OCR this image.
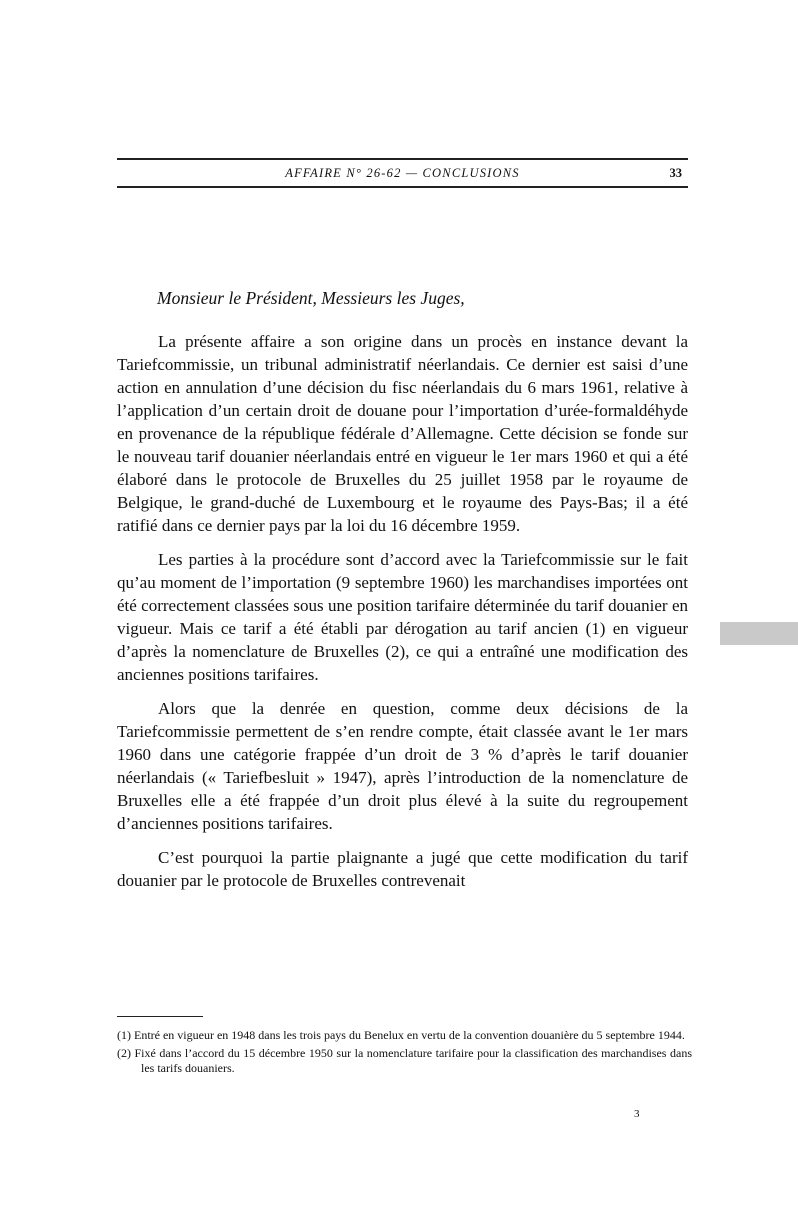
AFFAIRE N° 26-62 — CONCLUSIONS	33
Monsieur le Président, Messieurs les Juges,

La présente affaire a son origine dans un procès en instance devant la Tariefcommissie, un tribunal administratif néerlandais. Ce dernier est saisi d’une action en annulation d’une décision du fisc néerlandais du 6 mars 1961, relative à l’application d’un certain droit de douane pour l’importation d’urée-formaldéhyde en provenance de la république fédérale d’Allemagne. Cette décision se fonde sur le nouveau tarif douanier néerlandais entré en vigueur le 1er mars 1960 et qui a été élaboré dans le protocole de Bruxelles du 25 juillet 1958 par le royaume de Belgique, le grand-duché de Luxembourg et le royaume des Pays-Bas; il a été ratifié dans ce dernier pays par la loi du 16 décembre 1959.

Les parties à la procédure sont d’accord avec la Tariefcommissie sur le fait qu’au moment de l’importation (9 septembre 1960) les marchandises importées ont été correctement classées sous une position tarifaire déterminée du tarif douanier en vigueur. Mais ce tarif a été établi par dérogation au tarif ancien (1) en vigueur d’après la nomenclature de Bruxelles (2), ce qui a entraîné une modification des anciennes positions tarifaires.

Alors que la denrée en question, comme deux décisions de la Tariefcommissie permettent de s’en rendre compte, était classée avant le 1er mars 1960 dans une catégorie frappée d’un droit de 3 % d’après le tarif douanier néerlandais (« Tariefbesluit » 1947), après l’introduction de la nomenclature de Bruxelles elle a été frappée d’un droit plus élevé à la suite du regroupement d’anciennes positions tarifaires.

C’est pourquoi la partie plaignante a jugé que cette modification du tarif douanier par le protocole de Bruxelles contrevenait

(1) Entré en vigueur en 1948 dans les trois pays du Benelux en vertu de la convention douanière du 5 septembre 1944.

(2) Fixé dans l’accord du 15 décembre 1950 sur la nomenclature tarifaire pour la classification des marchandises dans les tarifs douaniers.

3
